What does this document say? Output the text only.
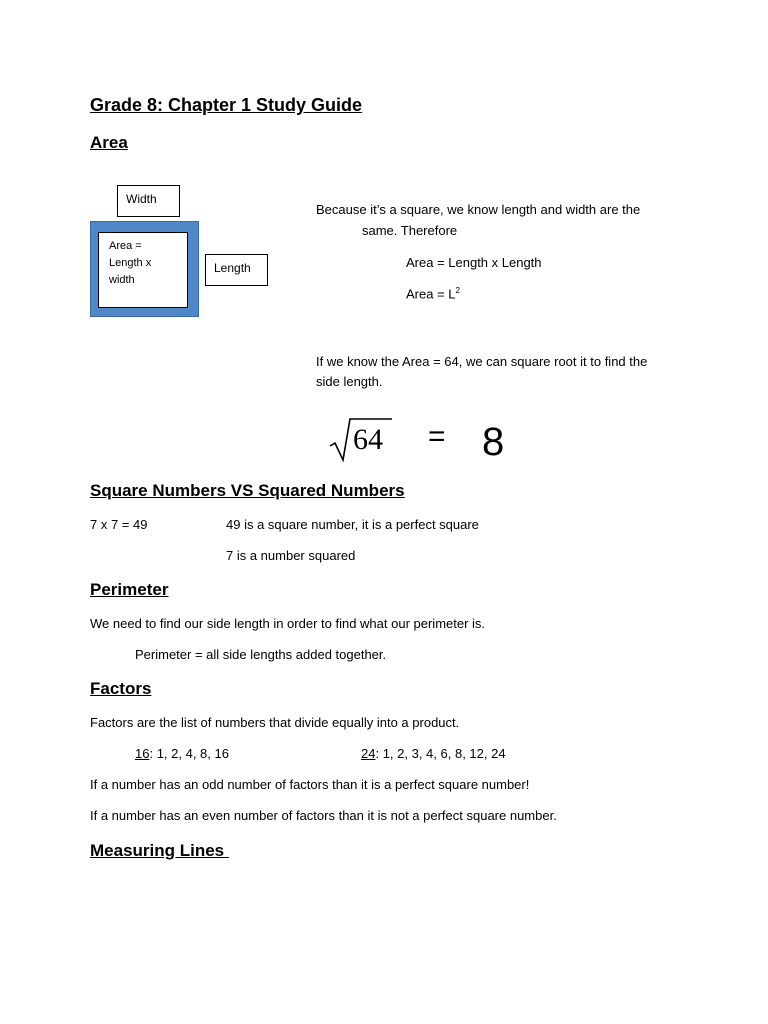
Grade 8: Chapter 1 Study Guide
Area
Width
Area =
Length x
width
Length
Because it’s a square, we know length and width are the
same. Therefore
Area = Length x Length
Area = $L^2$
If we know the Area = 64, we can square root it to find the
side length.
64 = 8
Square Numbers VS Squared Numbers
7 x 7 = 49	49 is a square number, it is a perfect square
7 is a number squared
Perimeter
We need to find our side length in order to find what our perimeter is.
Perimeter = all side lengths added together.
Factors
Factors are the list of numbers that divide equally into a product.
16: 1, 2, 4, 8, 16	24: 1, 2, 3, 4, 6, 8, 12, 24
If a number has an odd number of factors than it is a perfect square number!
If a number has an even number of factors than it is not a perfect square number.
Measuring Lines
